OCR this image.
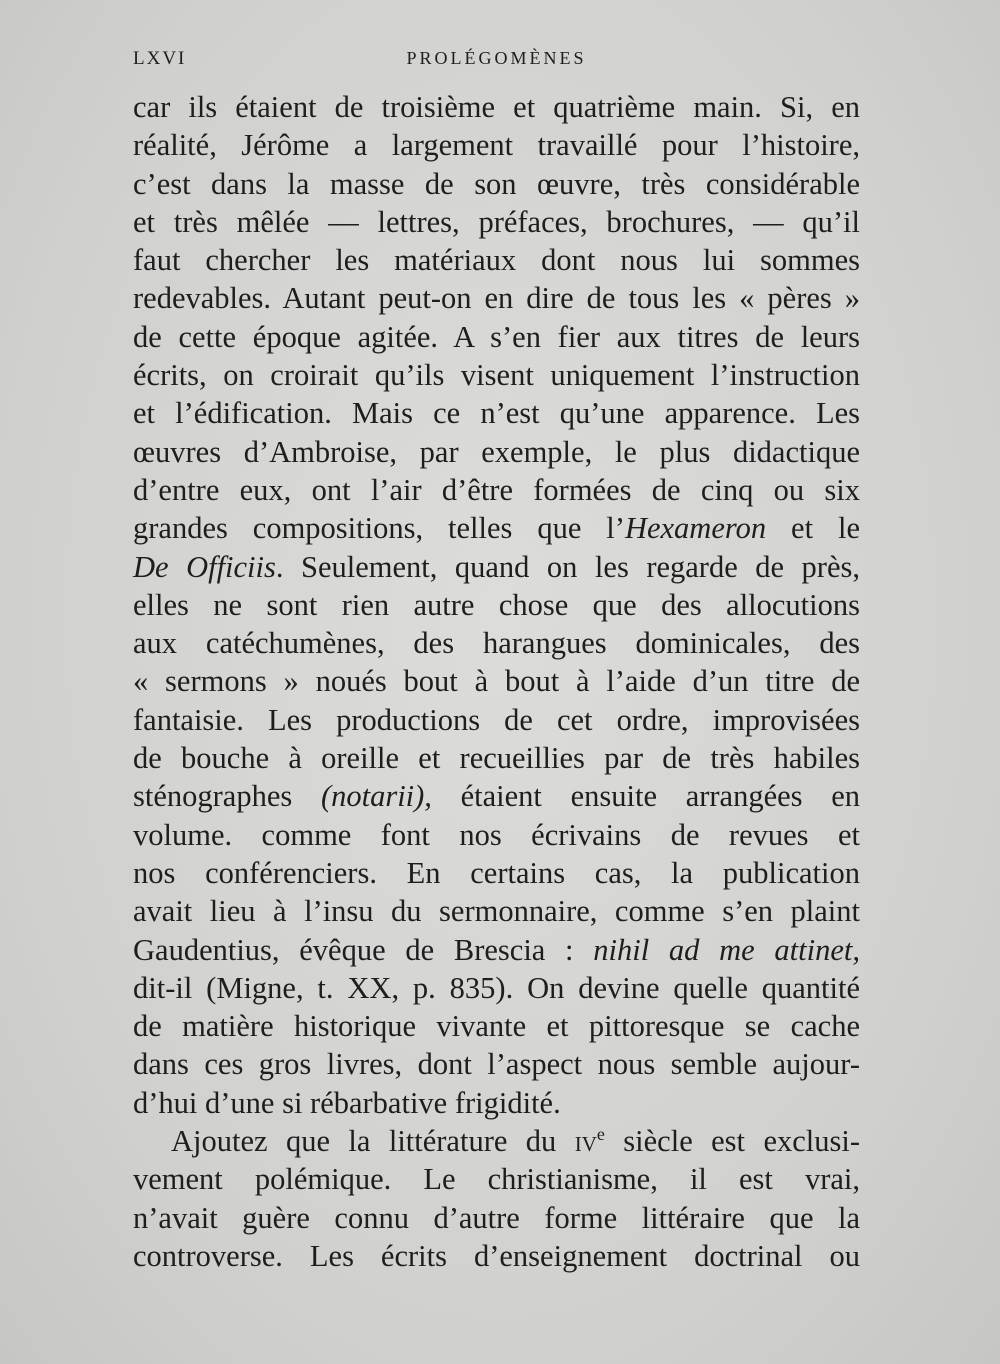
LXVI	PROLÉGOMÈNES
car ils étaient de troisième et quatrième main. Si, en
réalité, Jérôme a largement travaillé pour l’histoire,
c’est dans la masse de son œuvre, très considérable
et très mêlée — lettres, préfaces, brochures, — qu’il
faut chercher les matériaux dont nous lui sommes
redevables. Autant peut-on en dire de tous les « pères »
de cette époque agitée. A s’en fier aux titres de leurs
écrits, on croirait qu’ils visent uniquement l’instruction
et l’édification. Mais ce n’est qu’une apparence. Les
œuvres d’Ambroise, par exemple, le plus didactique
d’entre eux, ont l’air d’être formées de cinq ou six
grandes compositions, telles que l’Hexameron et le
De Officiis. Seulement, quand on les regarde de près,
elles ne sont rien autre chose que des allocutions
aux catéchumènes, des harangues dominicales, des
« sermons » noués bout à bout à l’aide d’un titre de
fantaisie. Les productions de cet ordre, improvisées
de bouche à oreille et recueillies par de très habiles
sténographes (notarii), étaient ensuite arrangées en
volume. comme font nos écrivains de revues et
nos conférenciers. En certains cas, la publication
avait lieu à l’insu du sermonnaire, comme s’en plaint
Gaudentius, évêque de Brescia : nihil ad me attinet,
dit-il (Migne, t. XX, p. 835). On devine quelle quantité
de matière historique vivante et pittoresque se cache
dans ces gros livres, dont l’aspect nous semble aujour-
d’hui d’une si rébarbative frigidité.
Ajoutez que la littérature du $iv^e$ siècle est exclusi-
vement polémique. Le christianisme, il est vrai,
n’avait guère connu d’autre forme littéraire que la
controverse. Les écrits d’enseignement doctrinal ou
